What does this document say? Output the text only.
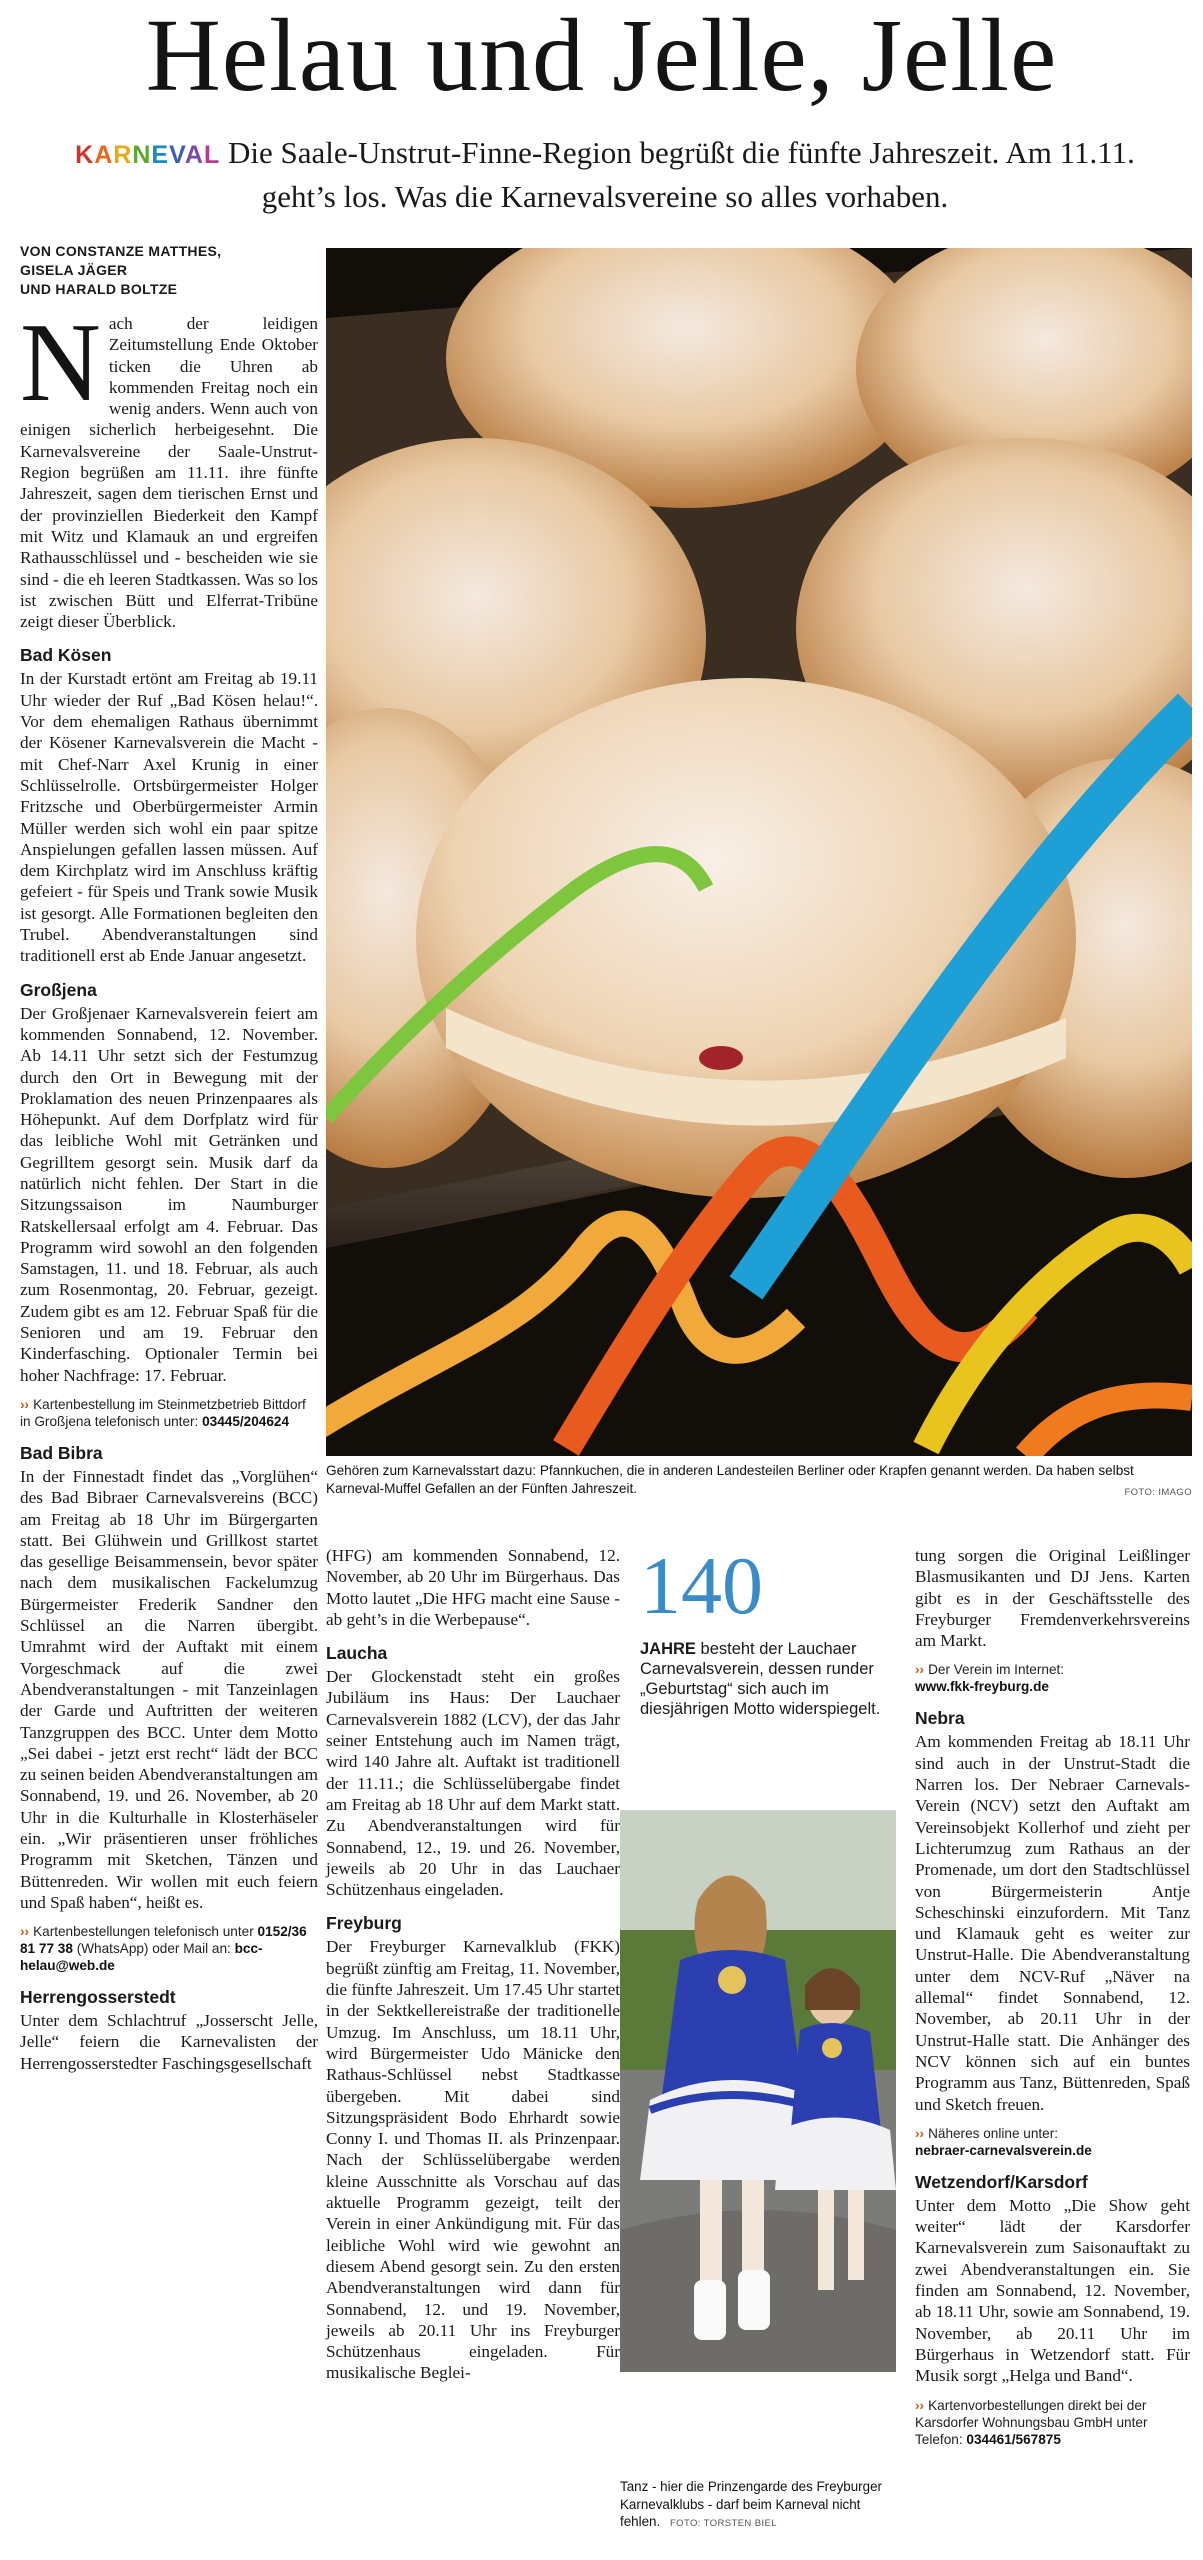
Helau und Jelle, Jelle
KARNEVAL Die Saale-Unstrut-Finne-Region begrüßt die fünfte Jahreszeit. Am 11.11. geht’s los. Was die Karnevalsvereine so alles vorhaben.
VON CONSTANZE MATTHES,
GISELA JÄGER
UND HARALD BOLTZE

Nach der leidigen Zeitumstellung Ende Oktober ticken die Uhren ab kommenden Freitag noch ein wenig anders. Wenn auch von einigen sicherlich herbeigesehnt. Die Karnevalsvereine der Saale-Unstrut-Region begrüßen am 11.11. ihre fünfte Jahreszeit, sagen dem tierischen Ernst und der provinziellen Biederkeit den Kampf mit Witz und Klamauk an und ergreifen Rathausschlüssel und - bescheiden wie sie sind - die eh leeren Stadtkassen. Was so los ist zwischen Bütt und Elferrat-Tribüne zeigt dieser Überblick.

Bad Kösen

In der Kurstadt ertönt am Freitag ab 19.11 Uhr wieder der Ruf „Bad Kösen helau!“. Vor dem ehemaligen Rathaus übernimmt der Kösener Karnevalsverein die Macht - mit Chef-Narr Axel Krunig in einer Schlüsselrolle. Ortsbürgermeister Holger Fritzsche und Oberbürgermeister Armin Müller werden sich wohl ein paar spitze Anspielungen gefallen lassen müssen. Auf dem Kirchplatz wird im Anschluss kräftig gefeiert - für Speis und Trank sowie Musik ist gesorgt. Alle Formationen begleiten den Trubel. Abendveranstaltungen sind traditionell erst ab Ende Januar angesetzt.

Großjena

Der Großjenaer Karnevalsverein feiert am kommenden Sonnabend, 12. November. Ab 14.11 Uhr setzt sich der Festumzug durch den Ort in Bewegung mit der Proklamation des neuen Prinzenpaares als Höhepunkt. Auf dem Dorfplatz wird für das leibliche Wohl mit Getränken und Gegrilltem gesorgt sein. Musik darf da natürlich nicht fehlen. Der Start in die Sitzungssaison im Naumburger Ratskellersaal erfolgt am 4. Februar. Das Programm wird sowohl an den folgenden Samstagen, 11. und 18. Februar, als auch zum Rosenmontag, 20. Februar, gezeigt. Zudem gibt es am 12. Februar Spaß für die Senioren und am 19. Februar den Kinderfasching. Optionaler Termin bei hoher Nachfrage: 17. Februar.

›› Kartenbestellung im Steinmetzbetrieb Bittdorf in Großjena telefonisch unter: 03445/204624
Bad Bibra

In der Finnestadt findet das „Vorglühen“ des Bad Bibraer Carnevalsvereins (BCC) am Freitag ab 18 Uhr im Bürgergarten statt. Bei Glühwein und Grillkost startet das gesellige Beisammensein, bevor später nach dem musikalischen Fackelumzug Bürgermeister Frederik Sandner den Schlüssel an die Narren übergibt. Umrahmt wird der Auftakt mit einem Vorgeschmack auf die zwei Abendveranstaltungen - mit Tanzeinlagen der Garde und Auftritten der weiteren Tanzgruppen des BCC. Unter dem Motto „Sei dabei - jetzt erst recht“ lädt der BCC zu seinen beiden Abendveranstaltungen am Sonnabend, 19. und 26. November, ab 20 Uhr in die Kulturhalle in Klosterhäseler ein. „Wir präsentieren unser fröhliches Programm mit Sketchen, Tänzen und Büttenreden. Wir wollen mit euch feiern und Spaß haben“, heißt es.

›› Kartenbestellungen telefonisch unter 0152/36 81 77 38 (WhatsApp) oder Mail an: bcc-helau@web.de
Herrengosserstedt

Unter dem Schlachtruf „Josserscht Jelle, Jelle“ feiern die Karnevalisten der Herrengosserstedter Faschingsgesellschaft

Gehören zum Karnevalsstart dazu: Pfannkuchen, die in anderen Landesteilen Berliner oder Krapfen genannt werden. Da haben selbst Karneval-Muffel Gefallen an der Fünften Jahreszeit.	FOTO: IMAGO

(HFG) am kommenden Sonnabend, 12. November, ab 20 Uhr im Bürgerhaus. Das Motto lautet „Die HFG macht eine Sause - ab geht’s in die Werbepause“.

Laucha

Der Glockenstadt steht ein großes Jubiläum ins Haus: Der Lauchaer Carnevalsverein 1882 (LCV), der das Jahr seiner Entstehung auch im Namen trägt, wird 140 Jahre alt. Auftakt ist traditionell der 11.11.; die Schlüsselübergabe findet am Freitag ab 18 Uhr auf dem Markt statt. Zu Abendveranstaltungen wird für Sonnabend, 12., 19. und 26. November, jeweils ab 20 Uhr in das Lauchaer Schützenhaus eingeladen.

Freyburg

Der Freyburger Karnevalklub (FKK) begrüßt zünftig am Freitag, 11. November, die fünfte Jahreszeit. Um 17.45 Uhr startet in der Sektkellereistraße der traditionelle Umzug. Im Anschluss, um 18.11 Uhr, wird Bürgermeister Udo Mänicke den Rathaus-Schlüssel nebst Stadtkasse übergeben. Mit dabei sind Sitzungspräsident Bodo Ehrhardt sowie Conny I. und Thomas II. als Prinzenpaar. Nach der Schlüsselübergabe werden kleine Ausschnitte als Vorschau auf das aktuelle Programm gezeigt, teilt der Verein in einer Ankündigung mit. Für das leibliche Wohl wird wie gewohnt an diesem Abend gesorgt sein. Zu den ersten Abendveranstaltungen wird dann für Sonnabend, 12. und 19. November, jeweils ab 20.11 Uhr ins Freyburger Schützenhaus eingeladen. Für musikalische Beglei-

140
JAHRE besteht der Lauchaer Carnevalsverein, dessen runder „Geburtstag“ sich auch im diesjährigen Motto widerspiegelt.
Tanz - hier die Prinzengarde des Freyburger Karnevalklubs - darf beim Karneval nicht fehlen. FOTO: TORSTEN BIEL

tung sorgen die Original Leißlinger Blasmusikanten und DJ Jens. Karten gibt es in der Geschäftsstelle des Freyburger Fremdenverkehrsvereins am Markt.

›› Der Verein im Internet:
www.fkk-freyburg.de
Nebra

Am kommenden Freitag ab 18.11 Uhr sind auch in der Unstrut-Stadt die Narren los. Der Nebraer Carnevals-Verein (NCV) setzt den Auftakt am Vereinsobjekt Kollerhof und zieht per Lichterumzug zum Rathaus an der Promenade, um dort den Stadtschlüssel von Bürgermeisterin Antje Scheschinski einzufordern. Mit Tanz und Klamauk geht es weiter zur Unstrut-Halle. Die Abendveranstaltung unter dem NCV-Ruf „Näver na allemal“ findet Sonnabend, 12. November, ab 20.11 Uhr in der Unstrut-Halle statt. Die Anhänger des NCV können sich auf ein buntes Programm aus Tanz, Büttenreden, Spaß und Sketch freuen.

›› Näheres online unter:
nebraer-carnevalsverein.de
Wetzendorf/Karsdorf

Unter dem Motto „Die Show geht weiter“ lädt der Karsdorfer Karnevalsverein zum Saisonauftakt zu zwei Abendveranstaltungen ein. Sie finden am Sonnabend, 12. November, ab 18.11 Uhr, sowie am Sonnabend, 19. November, ab 20.11 Uhr im Bürgerhaus in Wetzendorf statt. Für Musik sorgt „Helga und Band“.

›› Kartenvorbestellungen direkt bei der Karsdorfer Wohnungsbau GmbH unter Telefon: 034461/567875
